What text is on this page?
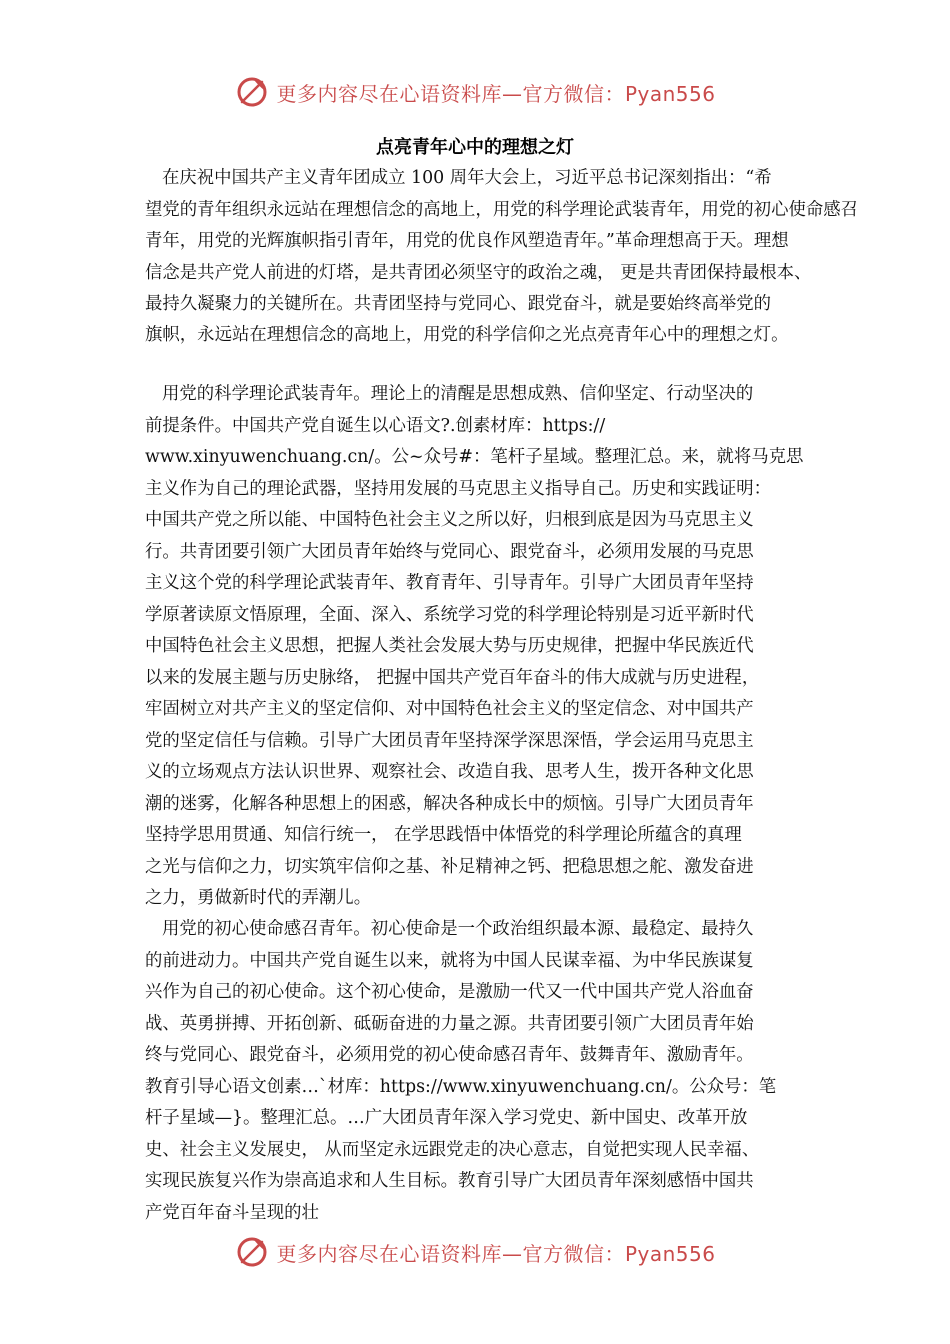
更多内容尽在心语资料库—官方微信：Pyan556
点亮青年心中的理想之灯
在庆祝中国共产主义青年团成立 100 周年大会上，习近平总书记深刻指出：“希
望党的青年组织永远站在理想信念的高地上，用党的科学理论武装青年，用党的初心使命感召
青年，用党的光辉旗帜指引青年，用党的优良作风塑造青年。”革命理想高于天。理想
信念是共产党人前进的灯塔，是共青团必须坚守的政治之魂， 更是共青团保持最根本、
最持久凝聚力的关键所在。共青团坚持与党同心、跟党奋斗，就是要始终高举党的
旗帜，永远站在理想信念的高地上，用党的科学信仰之光点亮青年心中的理想之灯。
用党的科学理论武装青年。理论上的清醒是思想成熟、信仰坚定、行动坚决的
前提条件。中国共产党自诞生以心语文?.创素材库：https://
www.xinyuwenchuang.cn/。公~众号#：笔杆子星域。整理汇总。来，就将马克思
主义作为自己的理论武器，坚持用发展的马克思主义指导自己。历史和实践证明：
中国共产党之所以能、中国特色社会主义之所以好，归根到底是因为马克思主义
行。共青团要引领广大团员青年始终与党同心、跟党奋斗，必须用发展的马克思
主义这个党的科学理论武装青年、教育青年、引导青年。引导广大团员青年坚持
学原著读原文悟原理，全面、深入、系统学习党的科学理论特别是习近平新时代
中国特色社会主义思想，把握人类社会发展大势与历史规律，把握中华民族近代
以来的发展主题与历史脉络， 把握中国共产党百年奋斗的伟大成就与历史进程，
牢固树立对共产主义的坚定信仰、对中国特色社会主义的坚定信念、对中国共产
党的坚定信任与信赖。引导广大团员青年坚持深学深思深悟，学会运用马克思主
义的立场观点方法认识世界、观察社会、改造自我、思考人生，拨开各种文化思
潮的迷雾，化解各种思想上的困惑，解决各种成长中的烦恼。引导广大团员青年
坚持学思用贯通、知信行统一， 在学思践悟中体悟党的科学理论所蕴含的真理
之光与信仰之力，切实筑牢信仰之基、补足精神之钙、把稳思想之舵、激发奋进
之力，勇做新时代的弄潮儿。
用党的初心使命感召青年。初心使命是一个政治组织最本源、最稳定、最持久
的前进动力。中国共产党自诞生以来，就将为中国人民谋幸福、为中华民族谋复
兴作为自己的初心使命。这个初心使命，是激励一代又一代中国共产党人浴血奋
战、英勇拼搏、开拓创新、砥砺奋进的力量之源。共青团要引领广大团员青年始
终与党同心、跟党奋斗，必须用党的初心使命感召青年、鼓舞青年、激励青年。
教育引导心语文创素…`材库：https://www.xinyuwenchuang.cn/。公众号：笔
杆子星域—}。整理汇总。…广大团员青年深入学习党史、新中国史、改革开放
史、社会主义发展史， 从而坚定永远跟党走的决心意志，自觉把实现人民幸福、
实现民族复兴作为崇高追求和人生目标。教育引导广大团员青年深刻感悟中国共
产党百年奋斗呈现的壮
更多内容尽在心语资料库—官方微信：Pyan556
